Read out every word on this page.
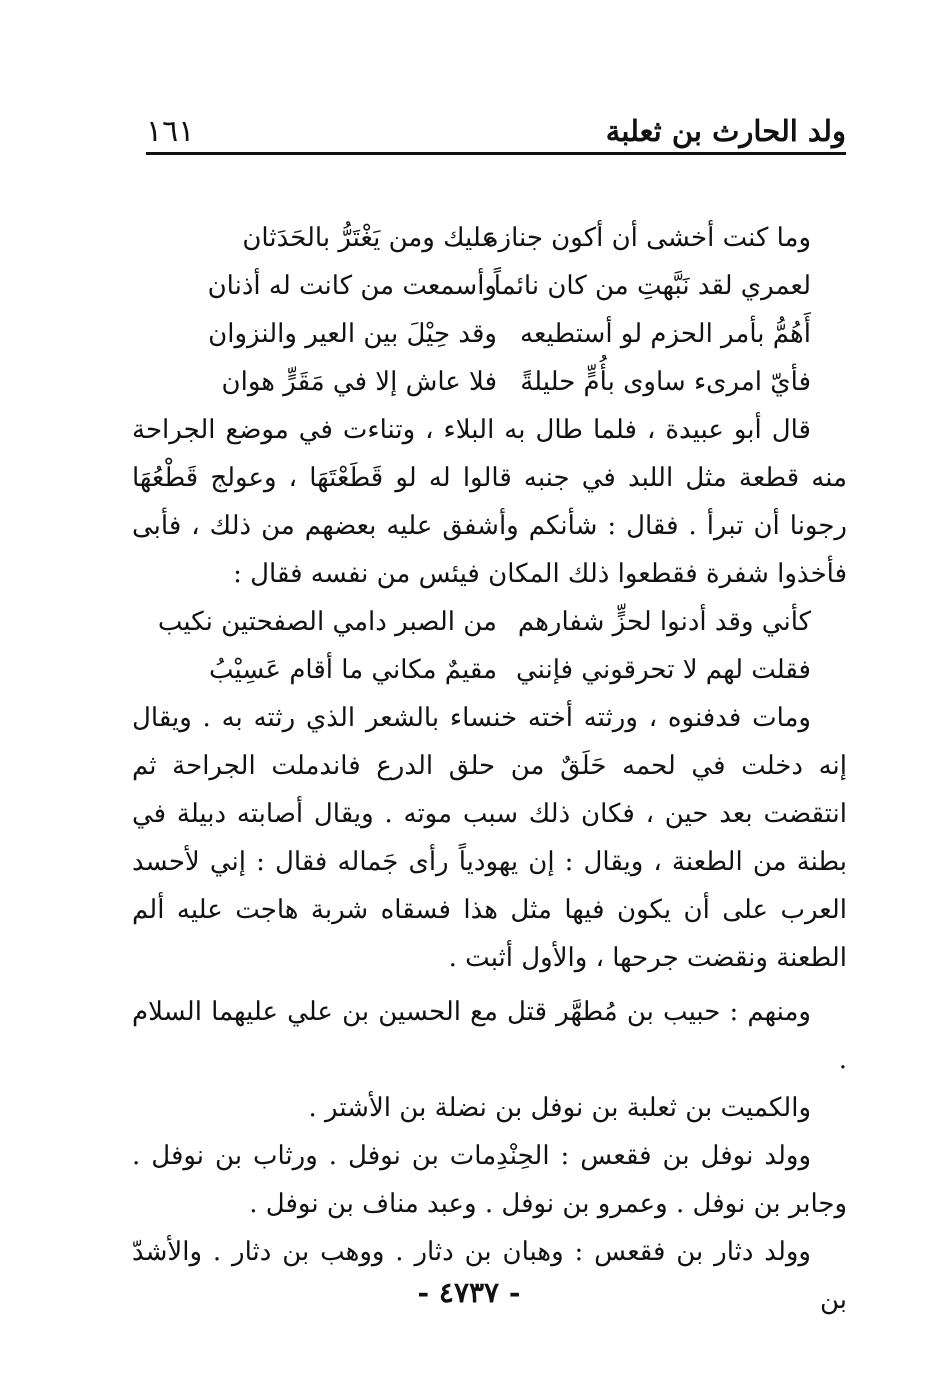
ولد الحارث بن ثعلبة
١٦١
وما كنت أخشى أن أكون جنازة
عليك ومن يَغْتَرُّ بالحَدَثان
لعمري لقد نَبَّهتِ من كان نائماً
وأسمعت من كانت له أذنان
أَهُمُّ بأمر الحزم لو أستطيعه
وقد حِيْلَ بين العير والنزوان
فأيّ امرىء ساوى بأُمٍّ حليلةً
فلا عاش إلا في مَقَرٍّ هوان

قال أبو عبيدة ، فلما طال به البلاء ، وتناءت في موضع الجراحة منه قطعة مثل اللبد في جنبه قالوا له لو قَطَعْتَهَا ، وعولج قَطْعُهَا رجونا أن تبرأ . فقال : شأنكم وأشفق عليه بعضهم من ذلك ، فأبى فأخذوا شفرة فقطعوا ذلك المكان فيئس من نفسه فقال :

كأني وقد أدنوا لحزٍّ شفارهم
من الصبر دامي الصفحتين نكيب
فقلت لهم لا تحرقوني فإنني
مقيمٌ مكاني ما أقام عَسِيْبُ

ومات فدفنوه ، ورثته أخته خنساء بالشعر الذي رثته به . ويقال إنه دخلت في لحمه حَلَقٌ من حلق الدرع فاندملت الجراحة ثم انتقضت بعد حين ، فكان ذلك سبب موته . ويقال أصابته دبيلة في بطنة من الطعنة ، ويقال : إن يهودياً رأى جَماله فقال : إني لأحسد العرب على أن يكون فيها مثل هذا فسقاه شربة هاجت عليه ألم الطعنة ونقضت جرحها ، والأول أثبت .

ومنهم : حبيب بن مُطهَّر قتل مع الحسين بن علي عليهما السلام .

والكميت بن ثعلبة بن نوفل بن نضلة بن الأشتر .

وولد نوفل بن فقعس : الحِنْدِمات بن نوفل . ورثاب بن نوفل . وجابر بن نوفل . وعمرو بن نوفل . وعبد مناف بن نوفل .

وولد دثار بن فقعس : وهبان بن دثار . ووهب بن دثار . والأشدّ بن

- ٤٧٣٧ -
